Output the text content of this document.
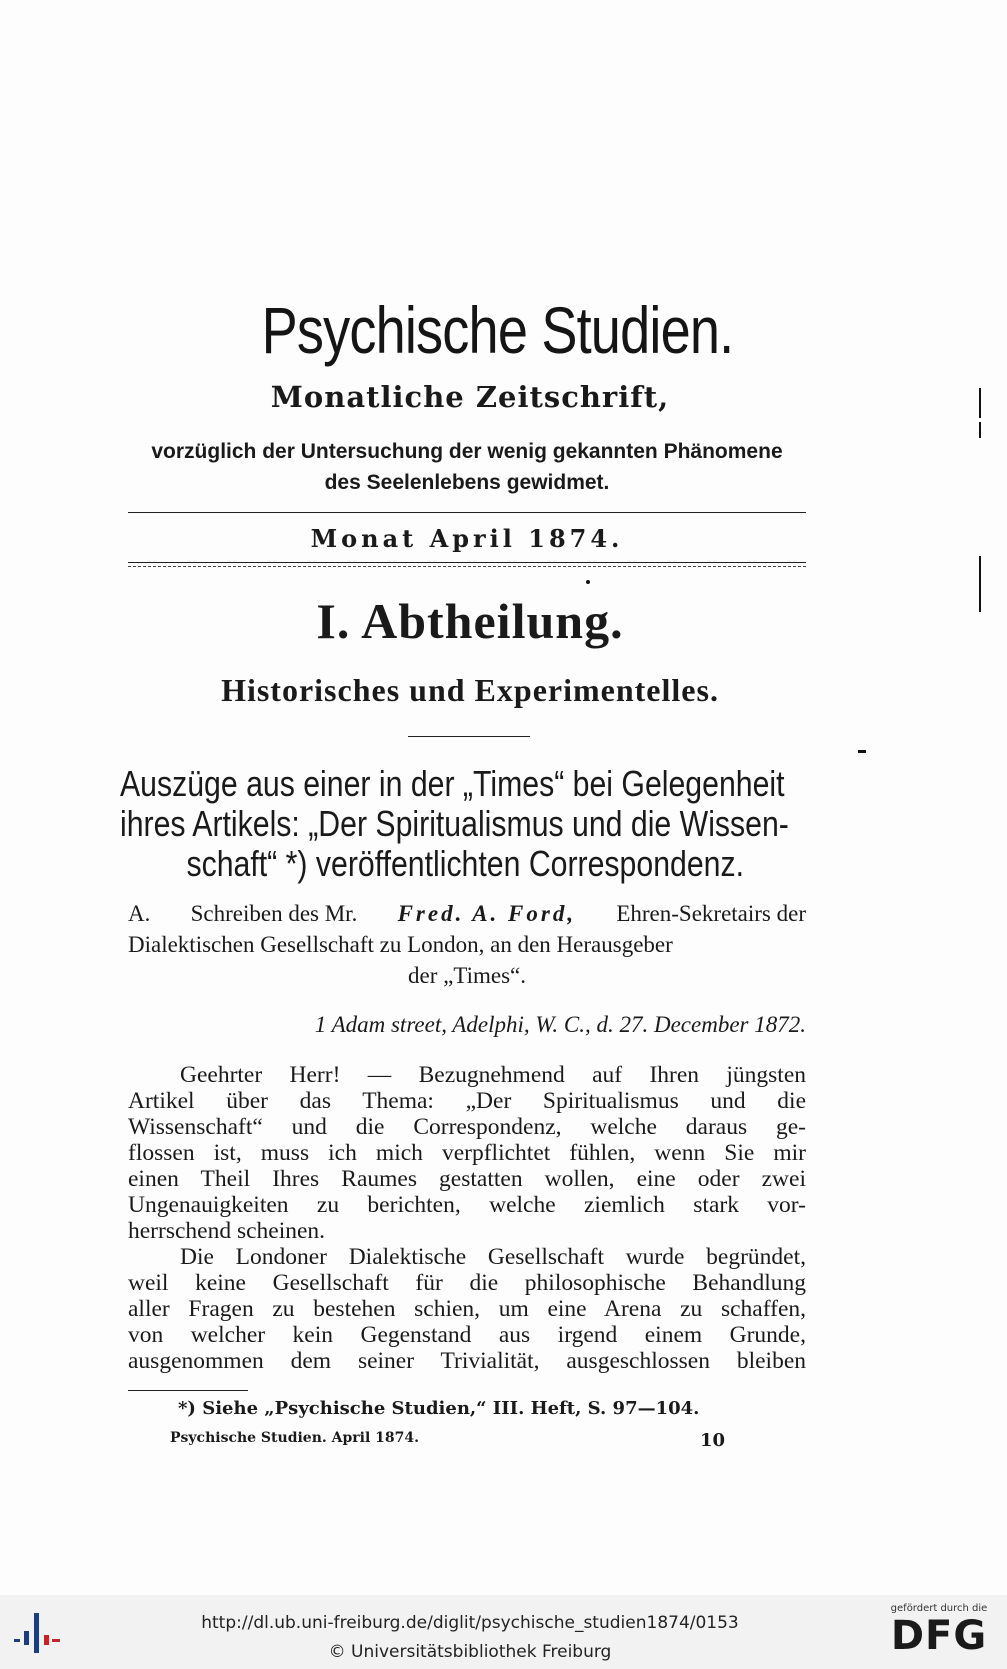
Psychische Studien.
Monatliche Zeitschrift,
vorzüglich der Untersuchung der wenig gekannten Phänomene
des Seelenlebens gewidmet.
Monat April 1874.
I. Abtheilung.
Historisches und Experimentelles.
Auszüge aus einer in der „Times“ bei Gelegenheit
ihres Artikels: „Der Spiritualismus und die Wissen-
schaft“ *) veröffentlichten Correspondenz.
A. Schreiben des Mr. Fred. A. Ford, Ehren-Sekretairs der
Dialektischen Gesellschaft zu London, an den Herausgeber
der „Times“.
1 Adam street, Adelphi, W. C., d. 27. December 1872.

Geehrter Herr! — Bezugnehmend auf Ihren jüngsten

Artikel über das Thema: „Der Spiritualismus und die

Wissenschaft“ und die Correspondenz, welche daraus ge-

flossen ist, muss ich mich verpflichtet fühlen, wenn Sie mir

einen Theil Ihres Raumes gestatten wollen, eine oder zwei

Ungenauigkeiten zu berichten, welche ziemlich stark vor-

herrschend scheinen.

Die Londoner Dialektische Gesellschaft wurde begründet,

weil keine Gesellschaft für die philosophische Behandlung

aller Fragen zu bestehen schien, um eine Arena zu schaffen,

von welcher kein Gegenstand aus irgend einem Grunde,

ausgenommen dem seiner Trivialität, ausgeschlossen bleiben

*) Siehe „Psychische Studien,“ III. Heft, S. 97—104.
Psychische Studien. April 1874.	10
http://dl.ub.uni-freiburg.de/diglit/psychische_studien1874/0153
© Universitätsbibliothek Freiburg
gefördert durch die
DFG
